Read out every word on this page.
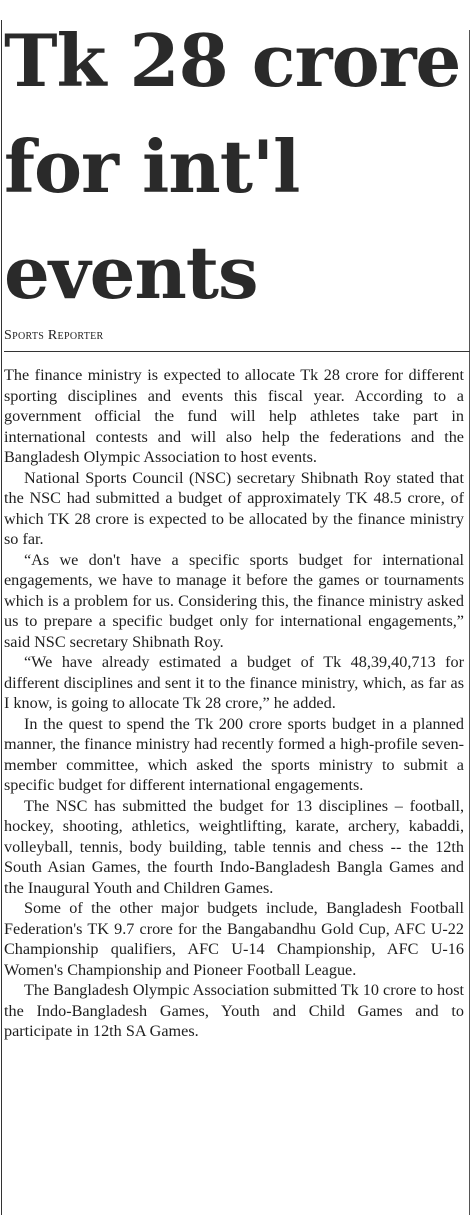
Tk 28 crore for int'l events
Sports Reporter

The finance ministry is expected to allocate Tk 28 crore for different sporting disciplines and events this fiscal year. According to a government official the fund will help athletes take part in international contests and will also help the federations and the Bangladesh Olympic Association to host events.

National Sports Council (NSC) secretary Shibnath Roy stated that the NSC had submitted a budget of approximately TK 48.5 crore, of which TK 28 crore is expected to be allocated by the finance ministry so far.

“As we don't have a specific sports budget for international engagements, we have to manage it before the games or tournaments which is a problem for us. Considering this, the finance ministry asked us to prepare a specific budget only for international engagements,” said NSC secretary Shibnath Roy.

“We have already estimated a budget of Tk 48,39,40,713 for different disciplines and sent it to the finance ministry, which, as far as I know, is going to allocate Tk 28 crore,” he added.

In the quest to spend the Tk 200 crore sports budget in a planned manner, the finance ministry had recently formed a high-profile seven-member committee, which asked the sports ministry to submit a specific budget for different international engagements.

The NSC has submitted the budget for 13 disciplines – football, hockey, shooting, athletics, weightlifting, karate, archery, kabaddi, volleyball, tennis, body building, table tennis and chess -- the 12th South Asian Games, the fourth Indo-Bangladesh Bangla Games and the Inaugural Youth and Children Games.

Some of the other major budgets include, Bangladesh Football Federation's TK 9.7 crore for the Bangabandhu Gold Cup, AFC U-22 Championship qualifiers, AFC U-14 Championship, AFC U-16 Women's Championship and Pioneer Football League.

The Bangladesh Olympic Association submitted Tk 10 crore to host the Indo-Bangladesh Games, Youth and Child Games and to participate in 12th SA Games.
